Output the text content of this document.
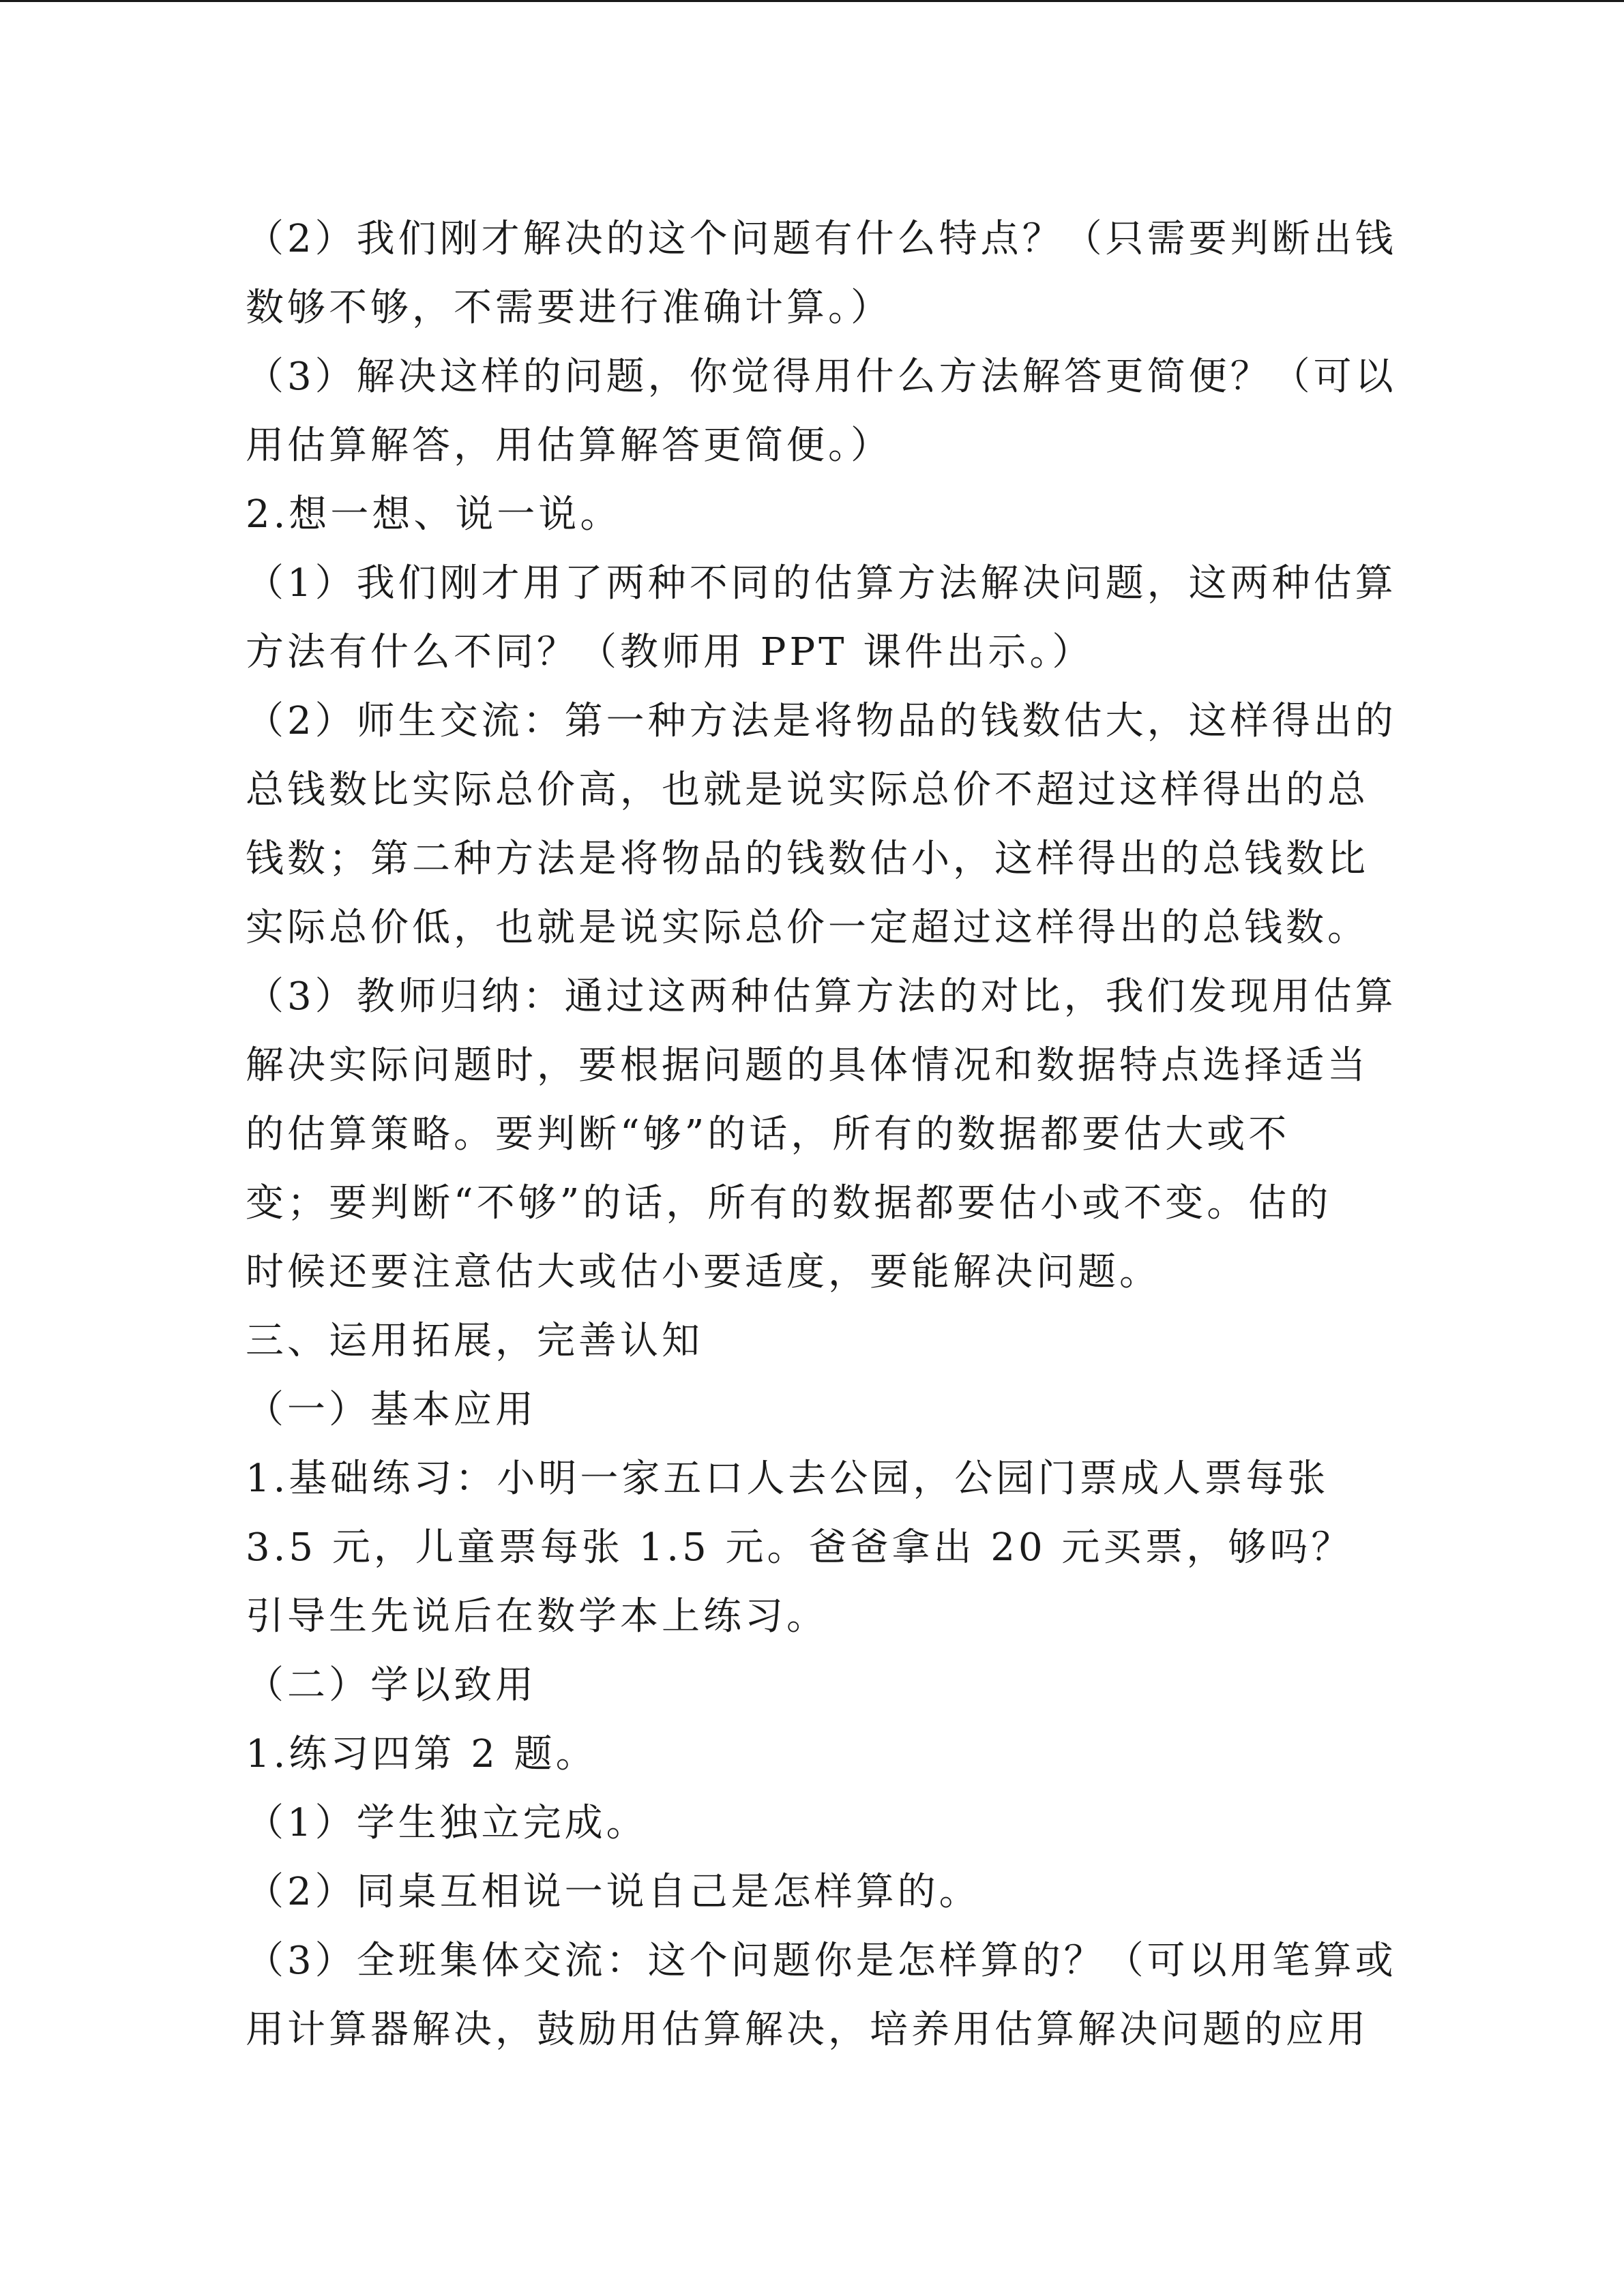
（2）我们刚才解决的这个问题有什么特点？（只需要判断出钱
数够不够，不需要进行准确计算。）
（3）解决这样的问题，你觉得用什么方法解答更简便？（可以
用估算解答，用估算解答更简便。）
2.想一想、说一说。
（1）我们刚才用了两种不同的估算方法解决问题，这两种估算
方法有什么不同？（教师用 PPT 课件出示。）
（2）师生交流：第一种方法是将物品的钱数估大，这样得出的
总钱数比实际总价高，也就是说实际总价不超过这样得出的总
钱数；第二种方法是将物品的钱数估小，这样得出的总钱数比
实际总价低，也就是说实际总价一定超过这样得出的总钱数。
（3）教师归纳：通过这两种估算方法的对比，我们发现用估算
解决实际问题时，要根据问题的具体情况和数据特点选择适当
的估算策略。要判断“够”的话，所有的数据都要估大或不
变；要判断“不够”的话，所有的数据都要估小或不变。估的
时候还要注意估大或估小要适度，要能解决问题。
三、运用拓展，完善认知
（一）基本应用
1.基础练习：小明一家五口人去公园，公园门票成人票每张
3.5 元，儿童票每张 1.5 元。爸爸拿出 20 元买票，够吗？
引导生先说后在数学本上练习。
（二）学以致用
1.练习四第 2 题。
（1）学生独立完成。
（2）同桌互相说一说自己是怎样算的。
（3）全班集体交流：这个问题你是怎样算的？（可以用笔算或
用计算器解决，鼓励用估算解决，培养用估算解决问题的应用
